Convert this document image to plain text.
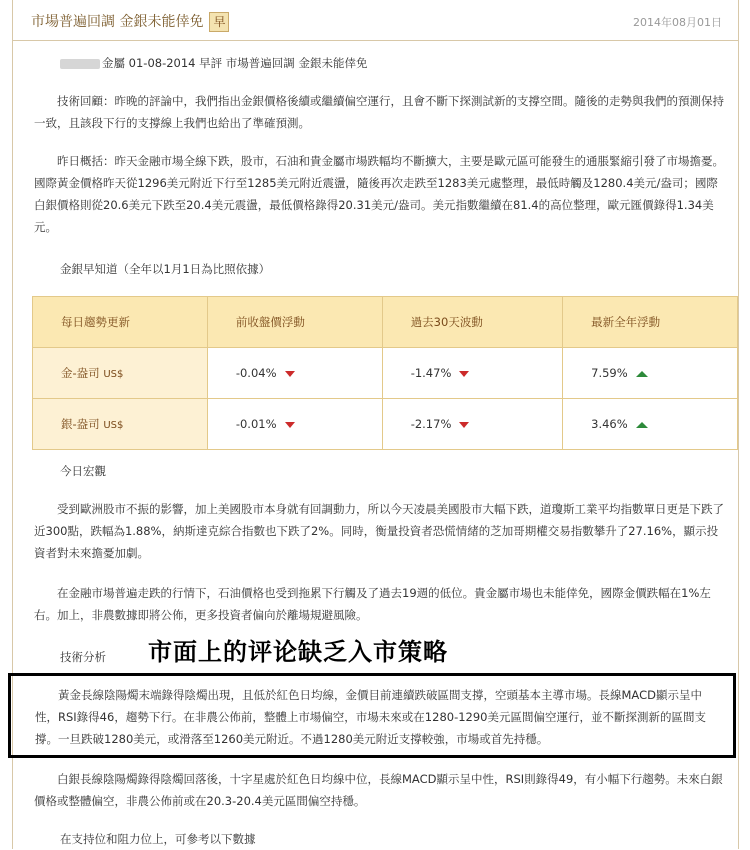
市場普遍回調 金銀未能倖免 早	2014年08月01日

金屬 01-08-2014 早評 市場普遍回調 金銀未能倖免

技術回顧：昨晚的評論中，我們指出金銀價格後續或繼續偏空運行，且會不斷下探測試新的支撐空間。隨後的走勢與我們的預測保持一致，且該段下行的支撐線上我們也給出了準確預測。

昨日概括：昨天金融市場全線下跌，股市，石油和貴金屬市場跌幅均不斷擴大，主要是歐元區可能發生的通脹緊縮引發了市場擔憂。國際黃金價格昨天從1296美元附近下行至1285美元附近震盪，隨後再次走跌至1283美元處整理，最低時觸及1280.4美元/盎司；國際白銀價格則從20.6美元下跌至20.4美元震盪，最低價格錄得20.31美元/盎司。美元指數繼續在81.4的高位整理，歐元匯價錄得1.34美元。

金銀早知道（全年以1月1日為比照依據）

每日趨勢更新	前收盤價浮動	過去30天波動	最新全年浮動
金-盎司 US$	-0.04%	-1.47%	7.59%
銀-盎司 US$	-0.01%	-2.17%	3.46%

今日宏觀

受到歐洲股市不振的影響，加上美國股市本身就有回調動力，所以今天凌晨美國股市大幅下跌，道瓊斯工業平均指數單日更是下跌了近300點，跌幅為1.88%，納斯達克綜合指數也下跌了2%。同時，衡量投資者恐慌情緒的芝加哥期權交易指數攀升了27.16%，顯示投資者對未來擔憂加劇。

在金融市場普遍走跌的行情下，石油價格也受到拖累下行觸及了過去19週的低位。貴金屬市場也未能倖免，國際金價跌幅在1%左右。加上，非農數據即將公佈，更多投資者偏向於離場規避風險。

市面上的评论缺乏入市策略

技術分析

黃金長線陰陽燭末端錄得陰燭出現，且低於紅色日均線，金價目前連續跌破區間支撐，空頭基本主導市場。長線MACD顯示呈中性，RSI錄得46，趨勢下行。在非農公佈前，整體上市場偏空，市場未來或在1280-1290美元區間偏空運行，並不斷探測新的區間支撐。一旦跌破1280美元，或滑落至1260美元附近。不過1280美元附近支撐較強，市場或首先持穩。

白銀長線陰陽燭錄得陰燭回落後，十字星處於紅色日均線中位，長線MACD顯示呈中性，RSI則錄得49，有小幅下行趨勢。未來白銀價格或整體偏空，非農公佈前或在20.3-20.4美元區間偏空持穩。

在支持位和阻力位上，可參考以下數據
